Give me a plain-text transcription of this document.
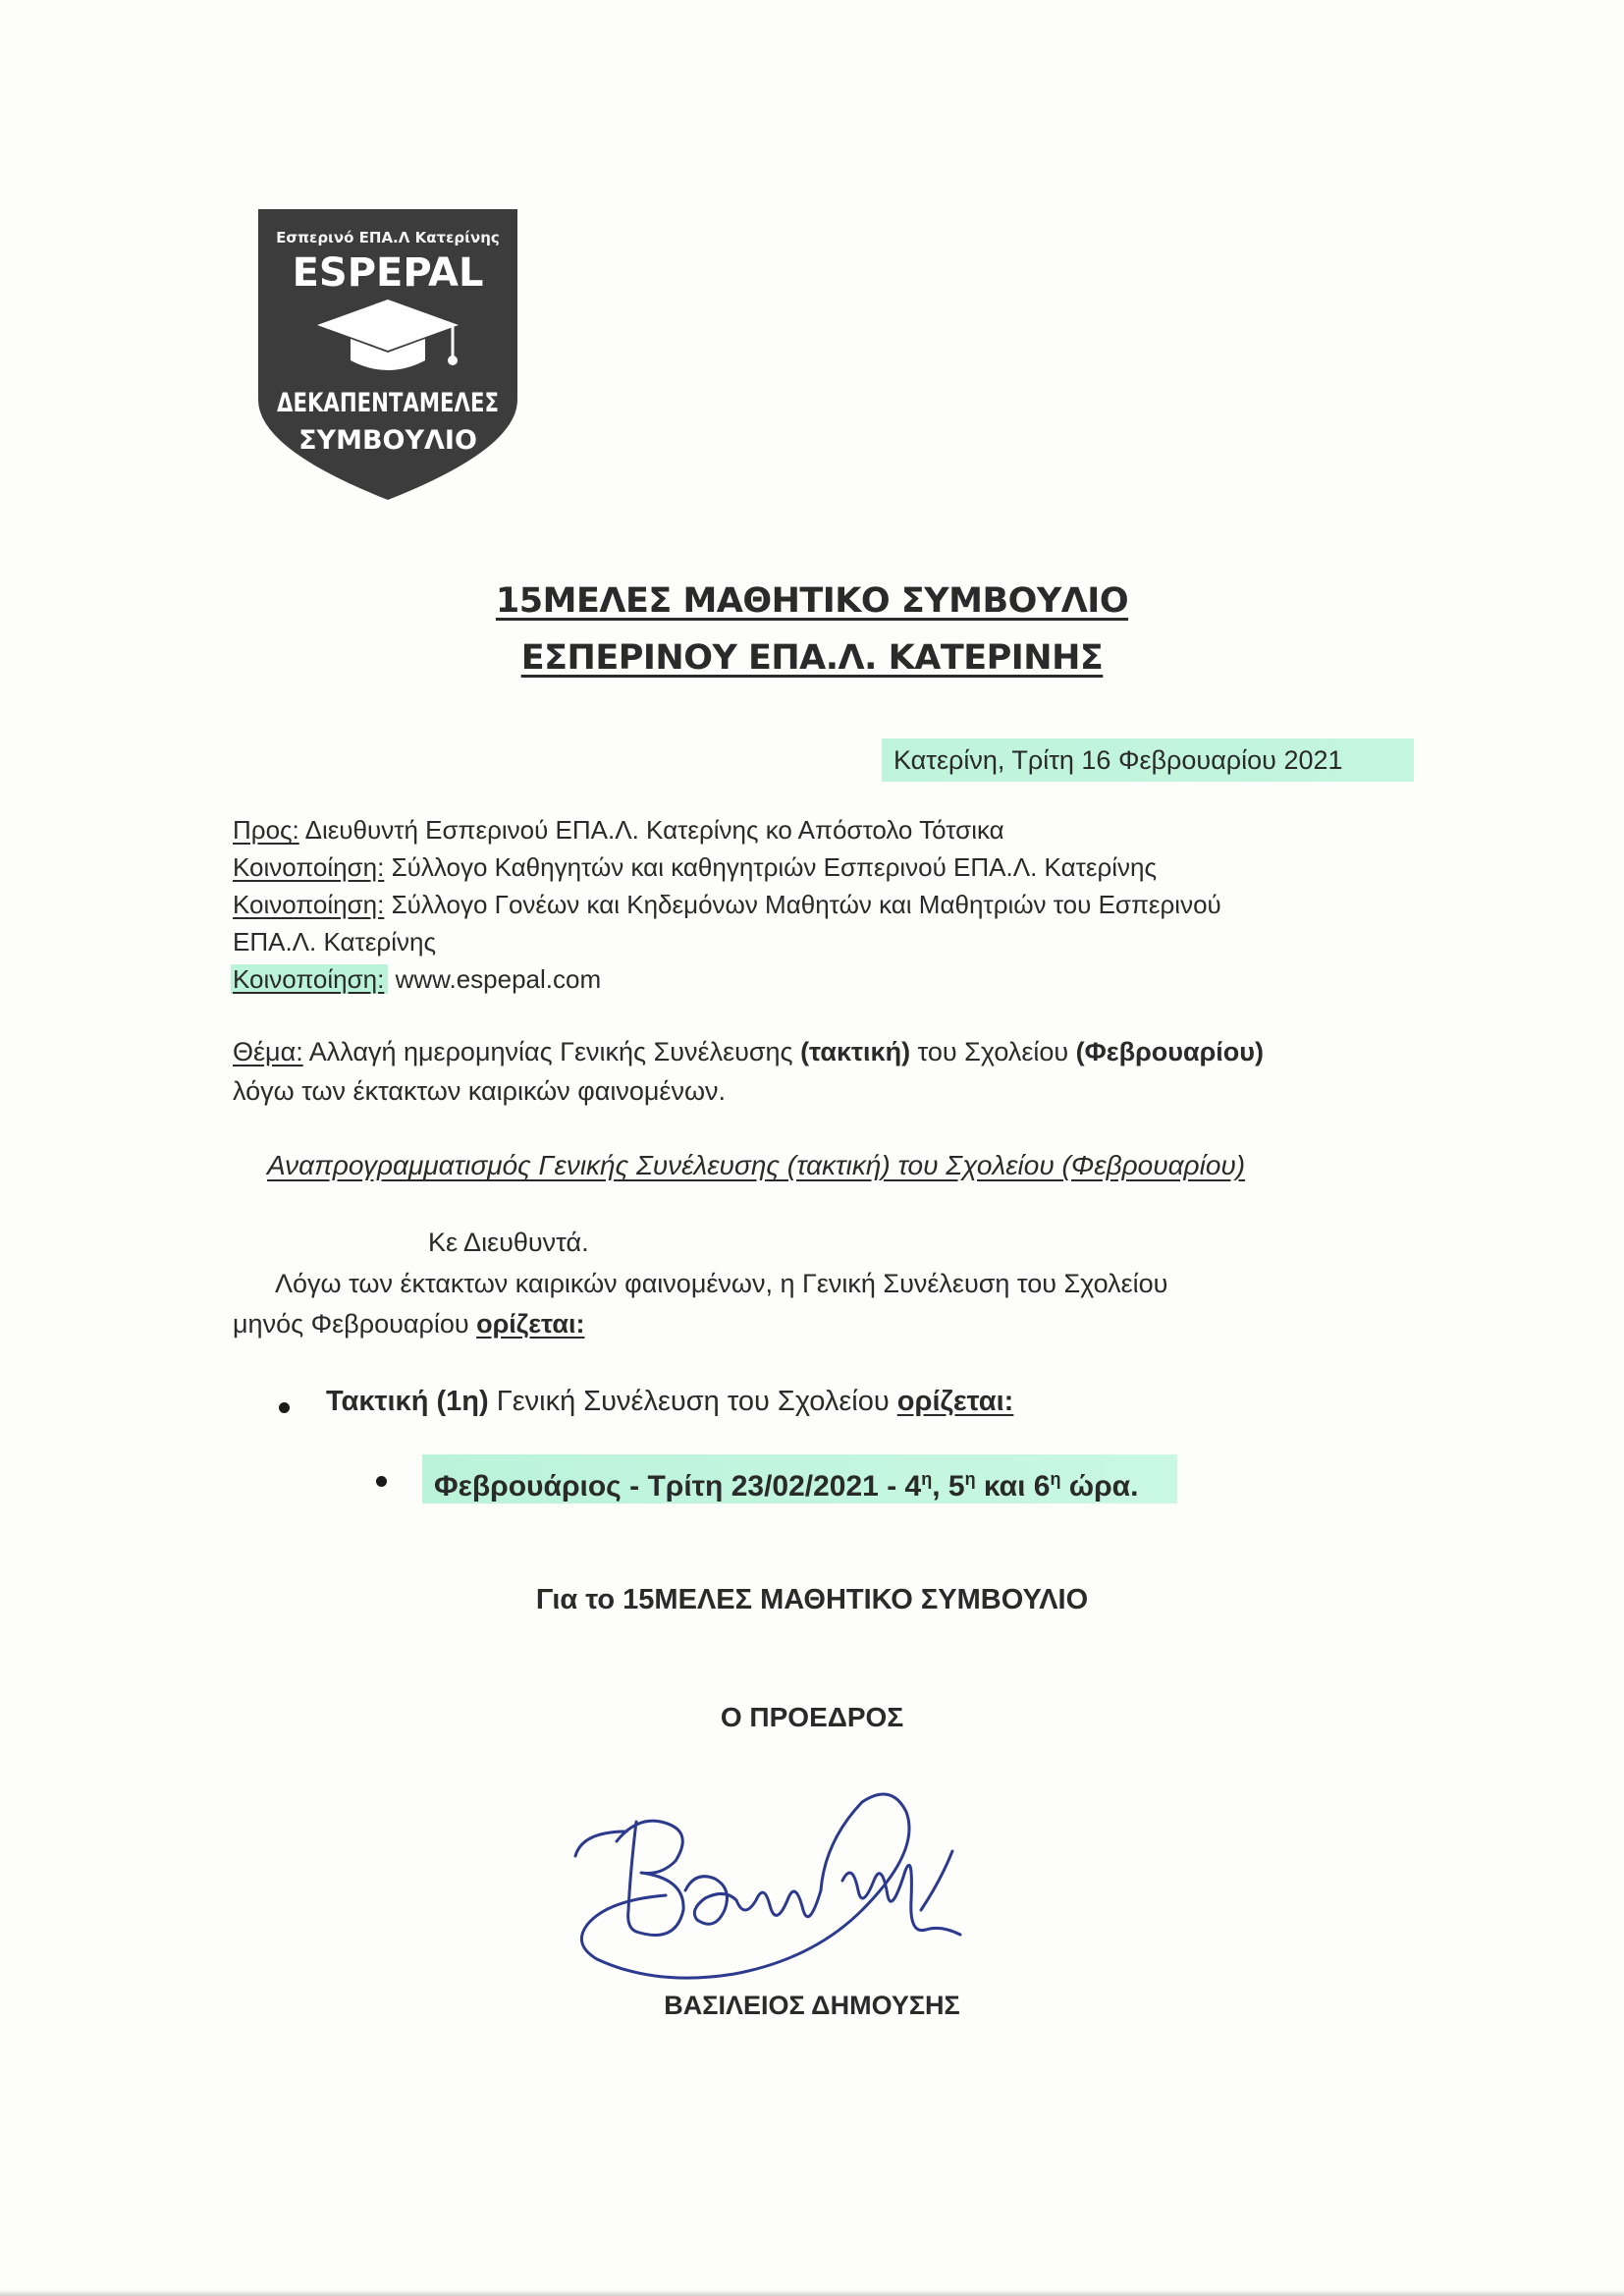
Εσπερινό ΕΠΑ.Λ Κατερίνης
ESPEPAL
ΔΕΚΑΠΕΝΤΑΜΕΛΕΣ
ΣΥΜΒΟΥΛΙΟ
15ΜΕΛΕΣ ΜΑΘΗΤΙΚΟ ΣΥΜΒΟΥΛΙΟ
ΕΣΠΕΡΙΝΟΥ ΕΠΑ.Λ. ΚΑΤΕΡΙΝΗΣ
Κατερίνη, Τρίτη 16 Φεβρουαρίου 2021
Προς: Διευθυντή Εσπερινού ΕΠΑ.Λ. Κατερίνης κο Απόστολο Τότσικα
Κοινοποίηση: Σύλλογο Καθηγητών και καθηγητριών Εσπερινού ΕΠΑ.Λ. Κατερίνης
Κοινοποίηση: Σύλλογο Γονέων και Κηδεμόνων Μαθητών και Μαθητριών του Εσπερινού
ΕΠΑ.Λ. Κατερίνης
Κοινοποίηση: www.espepal.com
Θέμα: Αλλαγή ημερομηνίας Γενικής Συνέλευσης (τακτική) του Σχολείου (Φεβρουαρίου)
λόγω των έκτακτων καιρικών φαινομένων.
Αναπρογραμματισμός Γενικής Συνέλευσης (τακτική) του Σχολείου (Φεβρουαρίου)
Κε Διευθυντά.
Λόγω των έκτακτων καιρικών φαινομένων, η Γενική Συνέλευση του Σχολείου
μηνός Φεβρουαρίου ορίζεται:
Τακτική (1η) Γενική Συνέλευση του Σχολείου ορίζεται:
Φεβρουάριος - Τρίτη $23/02/2021 - 4^\eta$, $5^\eta$ και $6^\eta$ ώρα.
Για το 15ΜΕΛΕΣ ΜΑΘΗΤΙΚΟ ΣΥΜΒΟΥΛΙΟ
Ο ΠΡΟΕΔΡΟΣ
ΒΑΣΙΛΕΙΟΣ ΔΗΜΟΥΣΗΣ
